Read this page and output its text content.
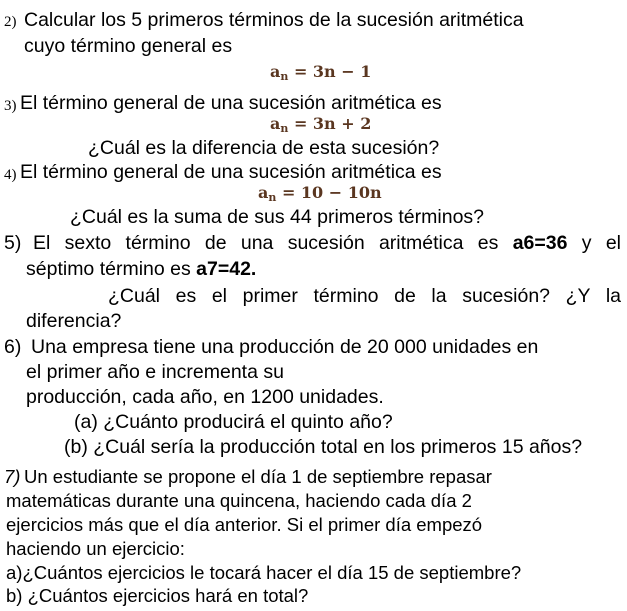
2) Calcular los 5 primeros términos de la sucesión aritmética
cuyo término general es
$a_n = 3n - 1$
3) El término general de una sucesión aritmética es
$a_n = 3n + 2$
¿Cuál es la diferencia de esta sucesión?
4) El término general de una sucesión aritmética es
$a_n = 10 - 10n$
¿Cuál es la suma de sus 44 primeros términos?
5) El sexto término de una sucesión aritmética es a6=36 y el
séptimo término es a7=42.
¿Cuál es el primer término de la sucesión? ¿Y la
diferencia?
6) Una empresa tiene una producción de 20 000 unidades en
el primer año e incrementa su
producción, cada año, en 1200 unidades.
(a) ¿Cuánto producirá el quinto año?
(b) ¿Cuál sería la producción total en los primeros 15 años?
7) Un estudiante se propone el día 1 de septiembre repasar
matemáticas durante una quincena, haciendo cada día 2
ejercicios más que el día anterior. Si el primer día empezó
haciendo un ejercicio:
a)¿Cuántos ejercicios le tocará hacer el día 15 de septiembre?
b) ¿Cuántos ejercicios hará en total?
